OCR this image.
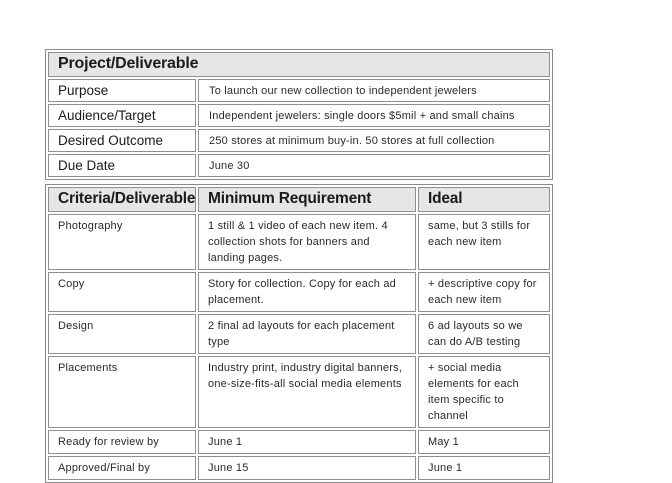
Project/Deliverable	
Purpose	To launch our new collection to independent jewelers
Audience/Target	Independent jewelers: single doors $5mil + and small chains
Desired Outcome	250 stores at minimum buy-in. 50 stores at full collection
Due Date	June 30
Criteria/Deliverable	Minimum Requirement	Ideal
Photography	1 still & 1 video of each new item. 4 collection shots for banners and landing pages.	same, but 3 stills for each new item
Copy	Story for collection. Copy for each ad placement.	+ descriptive copy for each new item
Design	2 final ad layouts for each placement type	6 ad layouts so we can do A/B testing
Placements	Industry print, industry digital banners, one-size-fits-all social media elements	+ social media elements for each item specific to channel
Ready for review by	June 1	May 1
Approved/Final by	June 15	June 1
